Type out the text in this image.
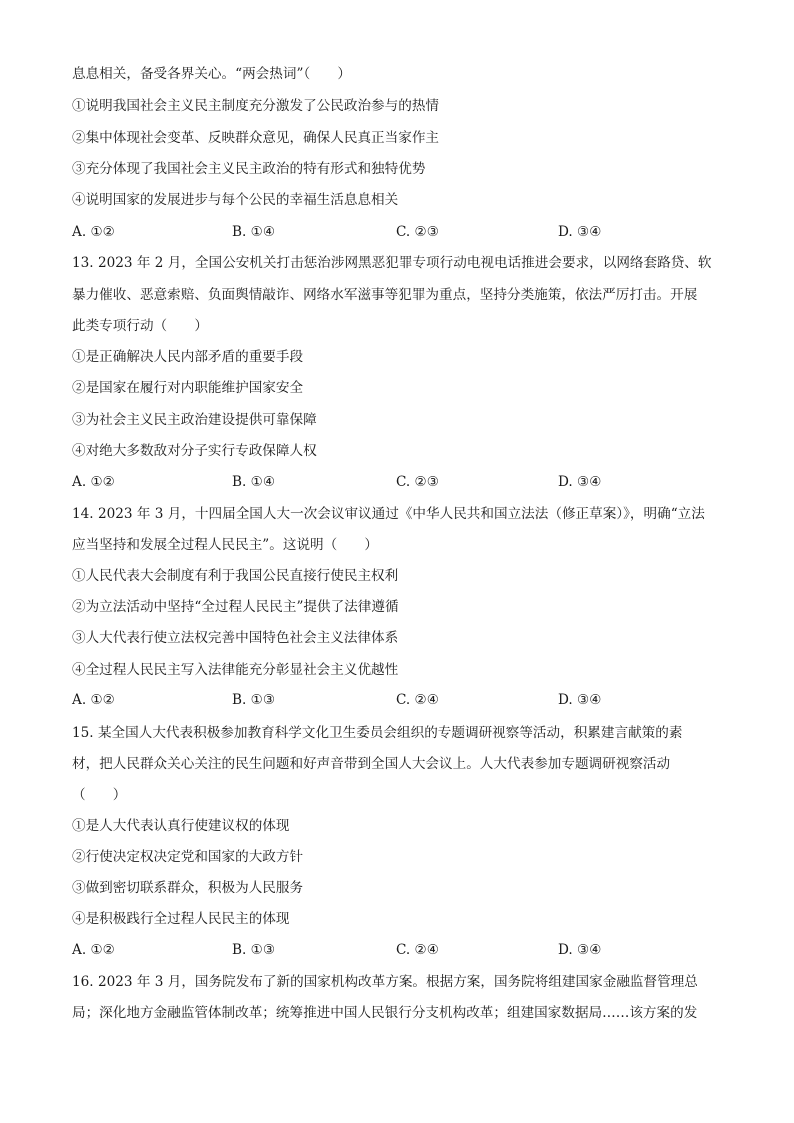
息息相关，备受各界关心。“两会热词”（　　）
①说明我国社会主义民主制度充分激发了公民政治参与的热情
②集中体现社会变革、反映群众意见，确保人民真正当家作主
③充分体现了我国社会主义民主政治的特有形式和独特优势
④说明国家的发展进步与每个公民的幸福生活息息相关
A. ①②	B. ①④	C. ②③	D. ③④
13. 2023 年 2 月，全国公安机关打击惩治涉网黑恶犯罪专项行动电视电话推进会要求，以网络套路贷、软
暴力催收、恶意索赔、负面舆情敲诈、网络水军滋事等犯罪为重点，坚持分类施策，依法严厉打击。开展
此类专项行动（　　）
①是正确解决人民内部矛盾的重要手段
②是国家在履行对内职能维护国家安全
③为社会主义民主政治建设提供可靠保障
④对绝大多数敌对分子实行专政保障人权
A. ①②	B. ①④	C. ②③	D. ③④
14. 2023 年 3 月，十四届全国人大一次会议审议通过《中华人民共和国立法法（修正草案）》，明确“立法
应当坚持和发展全过程人民民主”。这说明（　　）
①人民代表大会制度有利于我国公民直接行使民主权利
②为立法活动中坚持“全过程人民民主”提供了法律遵循
③人大代表行使立法权完善中国特色社会主义法律体系
④全过程人民民主写入法律能充分彰显社会主义优越性
A. ①②	B. ①③	C. ②④	D. ③④
15. 某全国人大代表积极参加教育科学文化卫生委员会组织的专题调研视察等活动，积累建言献策的素
材，把人民群众关心关注的民生问题和好声音带到全国人大会议上。人大代表参加专题调研视察活动
（　　）
①是人大代表认真行使建议权的体现
②行使决定权决定党和国家的大政方针
③做到密切联系群众，积极为人民服务
④是积极践行全过程人民民主的体现
A. ①②	B. ①③	C. ②④	D. ③④
16. 2023 年 3 月，国务院发布了新的国家机构改革方案。根据方案，国务院将组建国家金融监督管理总
局；深化地方金融监管体制改革；统筹推进中国人民银行分支机构改革；组建国家数据局……该方案的发
